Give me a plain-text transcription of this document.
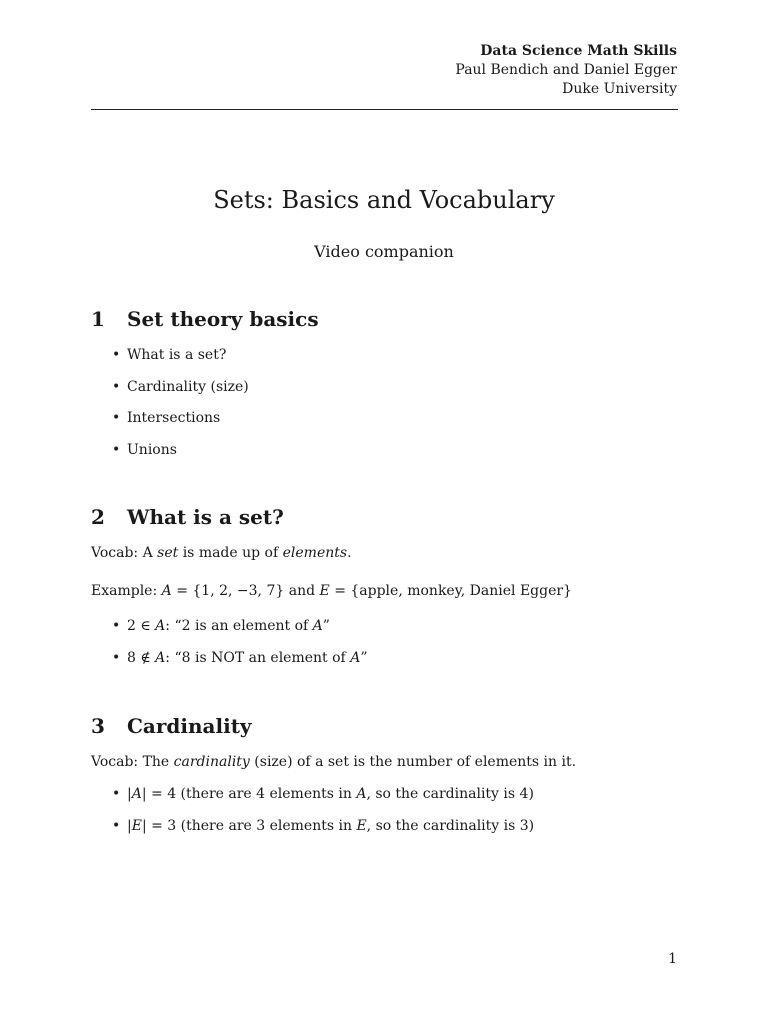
Data Science Math Skills
Paul Bendich and Daniel Egger
Duke University
Sets: Basics and Vocabulary
Video companion
1 Set theory basics
• What is a set?
• Cardinality (size)
• Intersections
• Unions
2 What is a set?
Vocab: A set is made up of elements.
Example: A = {1, 2, −3, 7} and E = {apple, monkey, Daniel Egger}
• 2 ∈ A: “2 is an element of A”
• 8 ∉ A: “8 is NOT an element of A”
3 Cardinality
Vocab: The cardinality (size) of a set is the number of elements in it.
• |A| = 4 (there are 4 elements in A, so the cardinality is 4)
• |E| = 3 (there are 3 elements in E, so the cardinality is 3)
1
